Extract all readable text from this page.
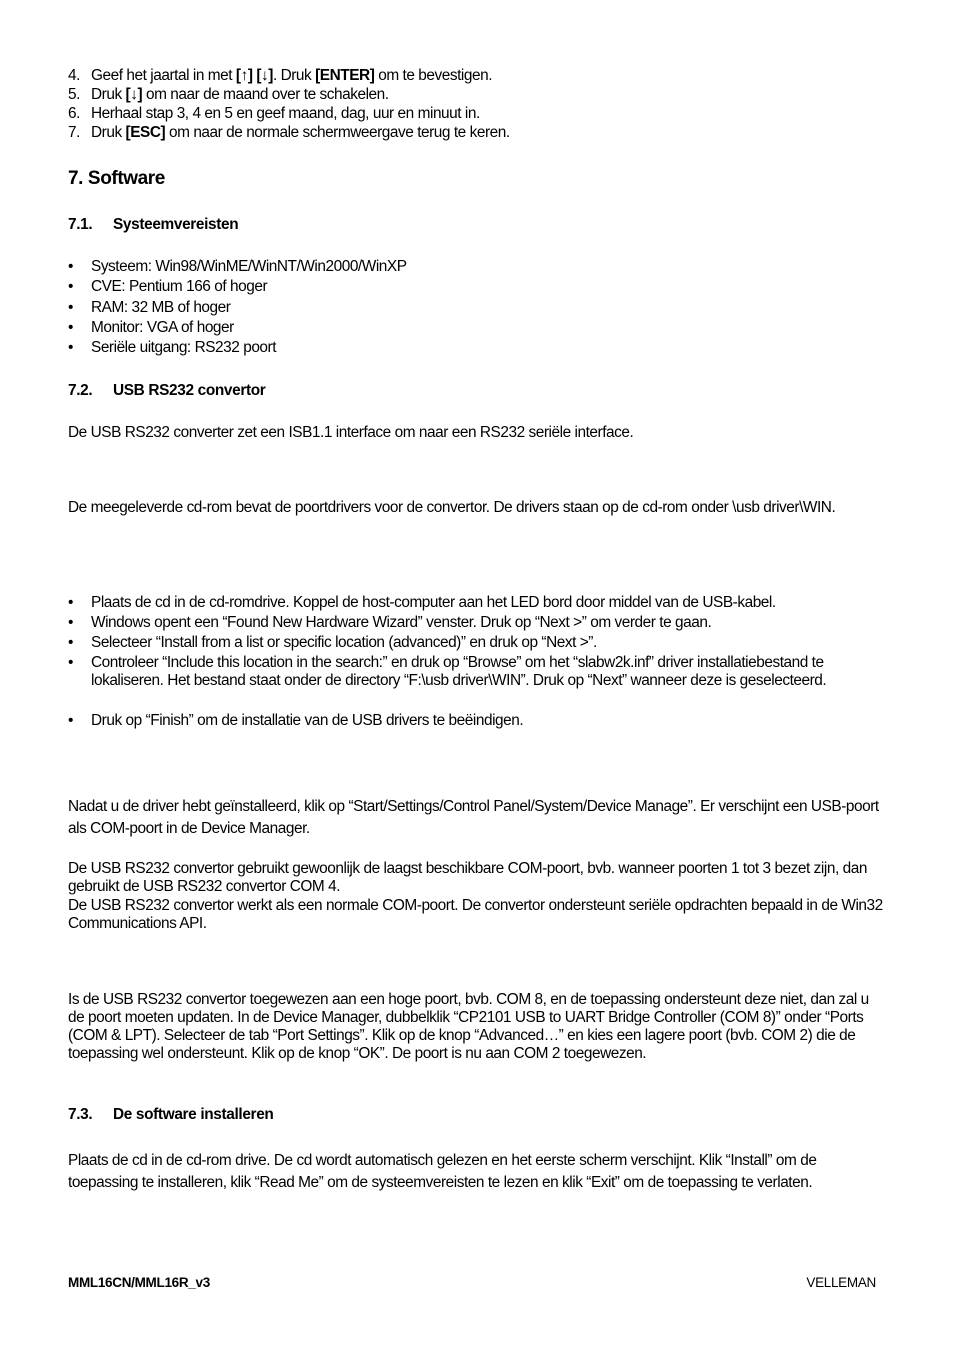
4. Geef het jaartal in met [↑] [↓]. Druk [ENTER] om te bevestigen.
5. Druk [↓] om naar de maand over te schakelen.
6. Herhaal stap 3, 4 en 5 en geef maand, dag, uur en minuut in.
7. Druk [ESC] om naar de normale schermweergave terug te keren.
7. Software
7.1. Systeemvereisten
•	Systeem: Win98/WinME/WinNT/Win2000/WinXP
•	CVE: Pentium 166 of hoger
•	RAM: 32 MB of hoger
•	Monitor: VGA of hoger
•	Seriële uitgang: RS232 poort
7.2. USB RS232 convertor
De USB RS232 converter zet een ISB1.1 interface om naar een RS232 seriële interface.
De meegeleverde cd-rom bevat de poortdrivers voor de convertor. De drivers staan op de cd-rom onder \usb driver\WIN.
•	Plaats de cd in de cd-romdrive. Koppel de host-computer aan het LED bord door middel van de USB-kabel.
•	Windows opent een “Found New Hardware Wizard” venster. Druk op “Next >” om verder te gaan.
•	Selecteer “Install from a list or specific location (advanced)” en druk op “Next >”.
•	Controleer “Include this location in the search:” en druk op “Browse” om het “slabw2k.inf” driver installatiebestand te lokaliseren. Het bestand staat onder de directory “F:\usb driver\WIN”. Druk op “Next” wanneer deze is geselecteerd.
•	Druk op “Finish” om de installatie van de USB drivers te beëindigen.
Nadat u de driver hebt geïnstalleerd, klik op “Start/Settings/Control Panel/System/Device Manage”. Er verschijnt een USB-poort als COM-poort in de Device Manager.
De USB RS232 convertor gebruikt gewoonlijk de laagst beschikbare COM-poort, bvb. wanneer poorten 1 tot 3 bezet zijn, dan gebruikt de USB RS232 convertor COM 4.
De USB RS232 convertor werkt als een normale COM-poort. De convertor ondersteunt seriële opdrachten bepaald in de Win32 Communications API.
Is de USB RS232 convertor toegewezen aan een hoge poort, bvb. COM 8, en de toepassing ondersteunt deze niet, dan zal u de poort moeten updaten. In de Device Manager, dubbelklik “CP2101 USB to UART Bridge Controller (COM 8)” onder “Ports (COM & LPT). Selecteer de tab “Port Settings”. Klik op de knop “Advanced…” en kies een lagere poort (bvb. COM 2) die de toepassing wel ondersteunt. Klik op de knop “OK”. De poort is nu aan COM 2 toegewezen.
7.3. De software installeren
Plaats de cd in de cd-rom drive. De cd wordt automatisch gelezen en het eerste scherm verschijnt. Klik “Install” om de toepassing te installeren, klik “Read Me” om de systeemvereisten te lezen en klik “Exit” om de toepassing te verlaten.
MML16CN/MML16R_v3	VELLEMAN
